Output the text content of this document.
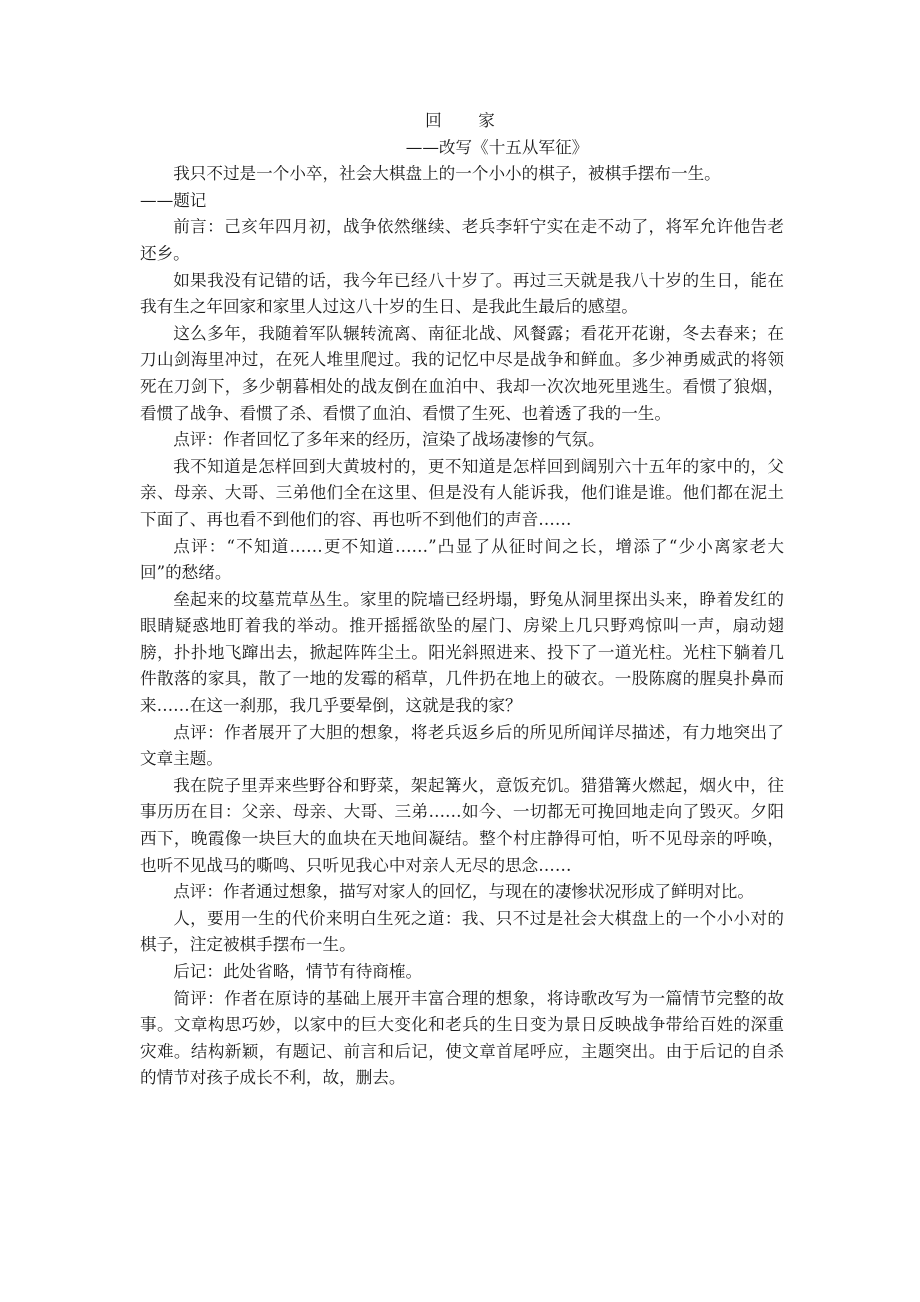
回　家
——改写《十五从军征》

我只不过是一个小卒，社会大棋盘上的一个小小的棋子，被棋手摆布一生。

——题记

前言：己亥年四月初，战争依然继续、老兵李轩宁实在走不动了，将军允许他告老还乡。

如果我没有记错的话，我今年已经八十岁了。再过三天就是我八十岁的生日，能在我有生之年回家和家里人过这八十岁的生日、是我此生最后的感望。

这么多年，我随着军队辗转流离、南征北战、风餐露；看花开花谢，冬去春来；在刀山剑海里冲过，在死人堆里爬过。我的记忆中尽是战争和鲜血。多少神勇威武的将领死在刀剑下，多少朝暮相处的战友倒在血泊中、我却一次次地死里逃生。看惯了狼烟，看惯了战争、看惯了杀、看惯了血泊、看惯了生死、也着透了我的一生。

点评：作者回忆了多年来的经历，渲染了战场凄惨的气氛。

我不知道是怎样回到大黄坡村的，更不知道是怎样回到阔别六十五年的家中的，父亲、母亲、大哥、三弟他们全在这里、但是没有人能诉我，他们谁是谁。他们都在泥土下面了、再也看不到他们的容、再也听不到他们的声音……

点评：“不知道……更不知道……”凸显了从征时间之长，增添了“少小离家老大回”的愁绪。

垒起来的坟墓荒草丛生。家里的院墙已经坍塌，野兔从洞里探出头来，睁着发红的眼睛疑惑地盯着我的举动。推开摇摇欲坠的屋门、房梁上几只野鸡惊叫一声，扇动翅膀，扑扑地飞蹿出去，掀起阵阵尘土。阳光斜照进来、投下了一道光柱。光柱下躺着几件散落的家具，散了一地的发霉的稻草，几件扔在地上的破衣。一股陈腐的腥臭扑鼻而来……在这一刹那，我几乎要晕倒，这就是我的家？

点评：作者展开了大胆的想象，将老兵返乡后的所见所闻详尽描述，有力地突出了文章主题。

我在院子里弄来些野谷和野菜，架起篝火，意饭充饥。猎猎篝火燃起，烟火中，往事历历在目：父亲、母亲、大哥、三弟……如今、一切都无可挽回地走向了毁灭。夕阳西下，晚霞像一块巨大的血块在天地间凝结。整个村庄静得可怕，听不见母亲的呼唤，也听不见战马的嘶鸣、只听见我心中对亲人无尽的思念……

点评：作者通过想象，描写对家人的回忆，与现在的凄惨状况形成了鲜明对比。

人，要用一生的代价来明白生死之道：我、只不过是社会大棋盘上的一个小小对的棋子，注定被棋手摆布一生。

后记：此处省略，情节有待商榷。

简评：作者在原诗的基础上展开丰富合理的想象，将诗歌改写为一篇情节完整的故事。文章构思巧妙，以家中的巨大变化和老兵的生日变为景日反映战争带给百姓的深重灾难。结构新颖，有题记、前言和后记，使文章首尾呼应，主题突出。由于后记的自杀的情节对孩子成长不利，故，删去。
